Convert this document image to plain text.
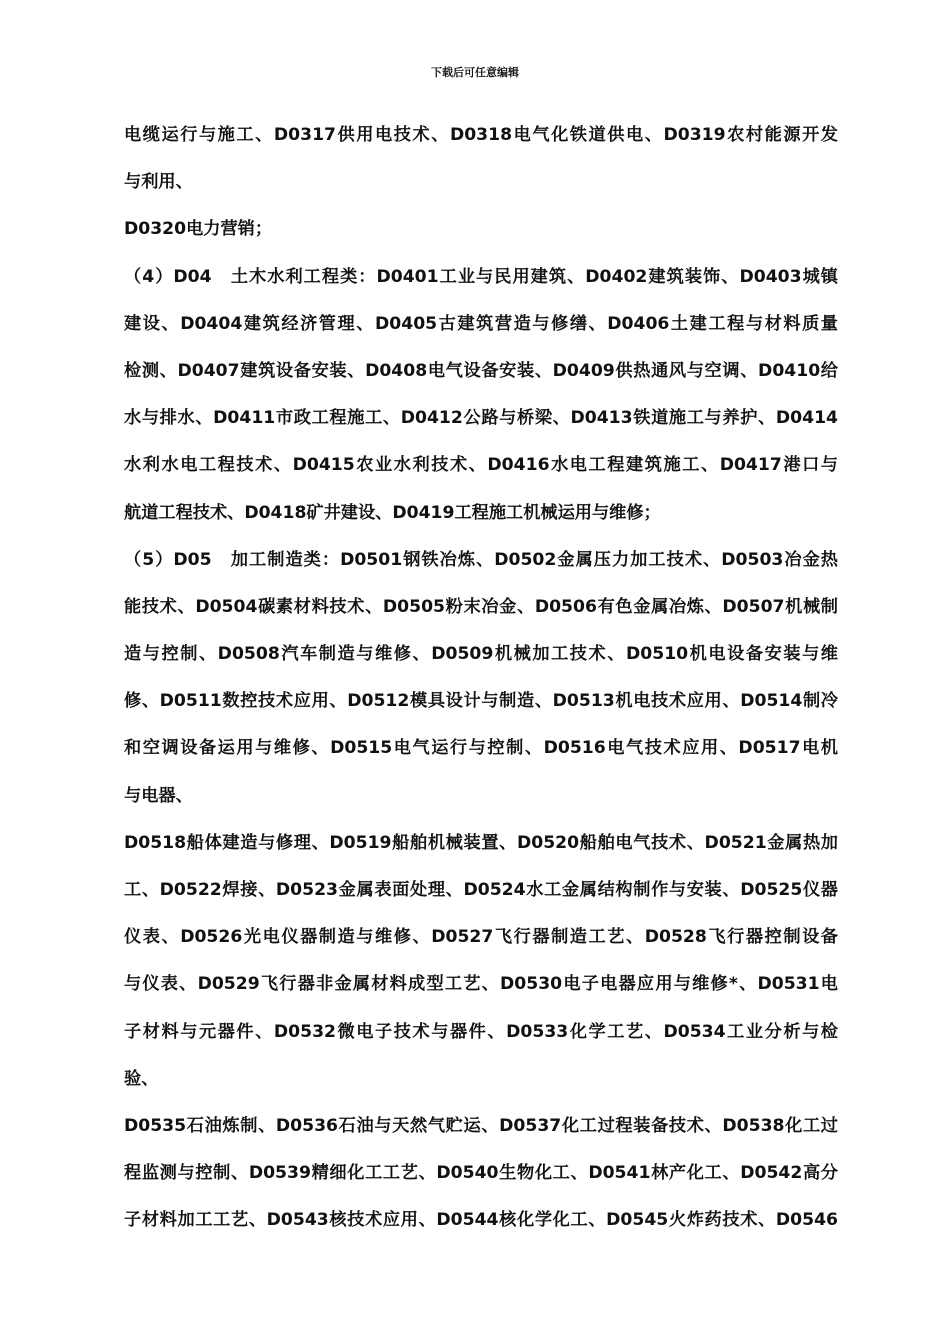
下载后可任意编辑
电缆运行与施工、D0317供用电技术、D0318电气化铁道供电、D0319农村能源开发
与利用、
D0320电力营销；
（4）D04　土木水利工程类：D0401工业与民用建筑、D0402建筑装饰、D0403城镇
建设、D0404建筑经济管理、D0405古建筑营造与修缮、D0406土建工程与材料质量
检测、D0407建筑设备安装、D0408电气设备安装、D0409供热通风与空调、D0410给
水与排水、D0411市政工程施工、D0412公路与桥梁、D0413铁道施工与养护、D0414
水利水电工程技术、D0415农业水利技术、D0416水电工程建筑施工、D0417港口与
航道工程技术、D0418矿井建设、D0419工程施工机械运用与维修；
（5）D05　加工制造类：D0501钢铁冶炼、D0502金属压力加工技术、D0503冶金热
能技术、D0504碳素材料技术、D0505粉末冶金、D0506有色金属冶炼、D0507机械制
造与控制、D0508汽车制造与维修、D0509机械加工技术、D0510机电设备安装与维
修、D0511数控技术应用、D0512模具设计与制造、D0513机电技术应用、D0514制冷
和空调设备运用与维修、D0515电气运行与控制、D0516电气技术应用、D0517电机
与电器、
D0518船体建造与修理、D0519船舶机械装置、D0520船舶电气技术、D0521金属热加
工、D0522焊接、D0523金属表面处理、D0524水工金属结构制作与安装、D0525仪器
仪表、D0526光电仪器制造与维修、D0527飞行器制造工艺、D0528飞行器控制设备
与仪表、D0529飞行器非金属材料成型工艺、D0530电子电器应用与维修*、D0531电
子材料与元器件、D0532微电子技术与器件、D0533化学工艺、D0534工业分析与检
验、
D0535石油炼制、D0536石油与天然气贮运、D0537化工过程装备技术、D0538化工过
程监测与控制、D0539精细化工工艺、D0540生物化工、D0541林产化工、D0542高分
子材料加工工艺、D0543核技术应用、D0544核化学化工、D0545火炸药技术、D0546
